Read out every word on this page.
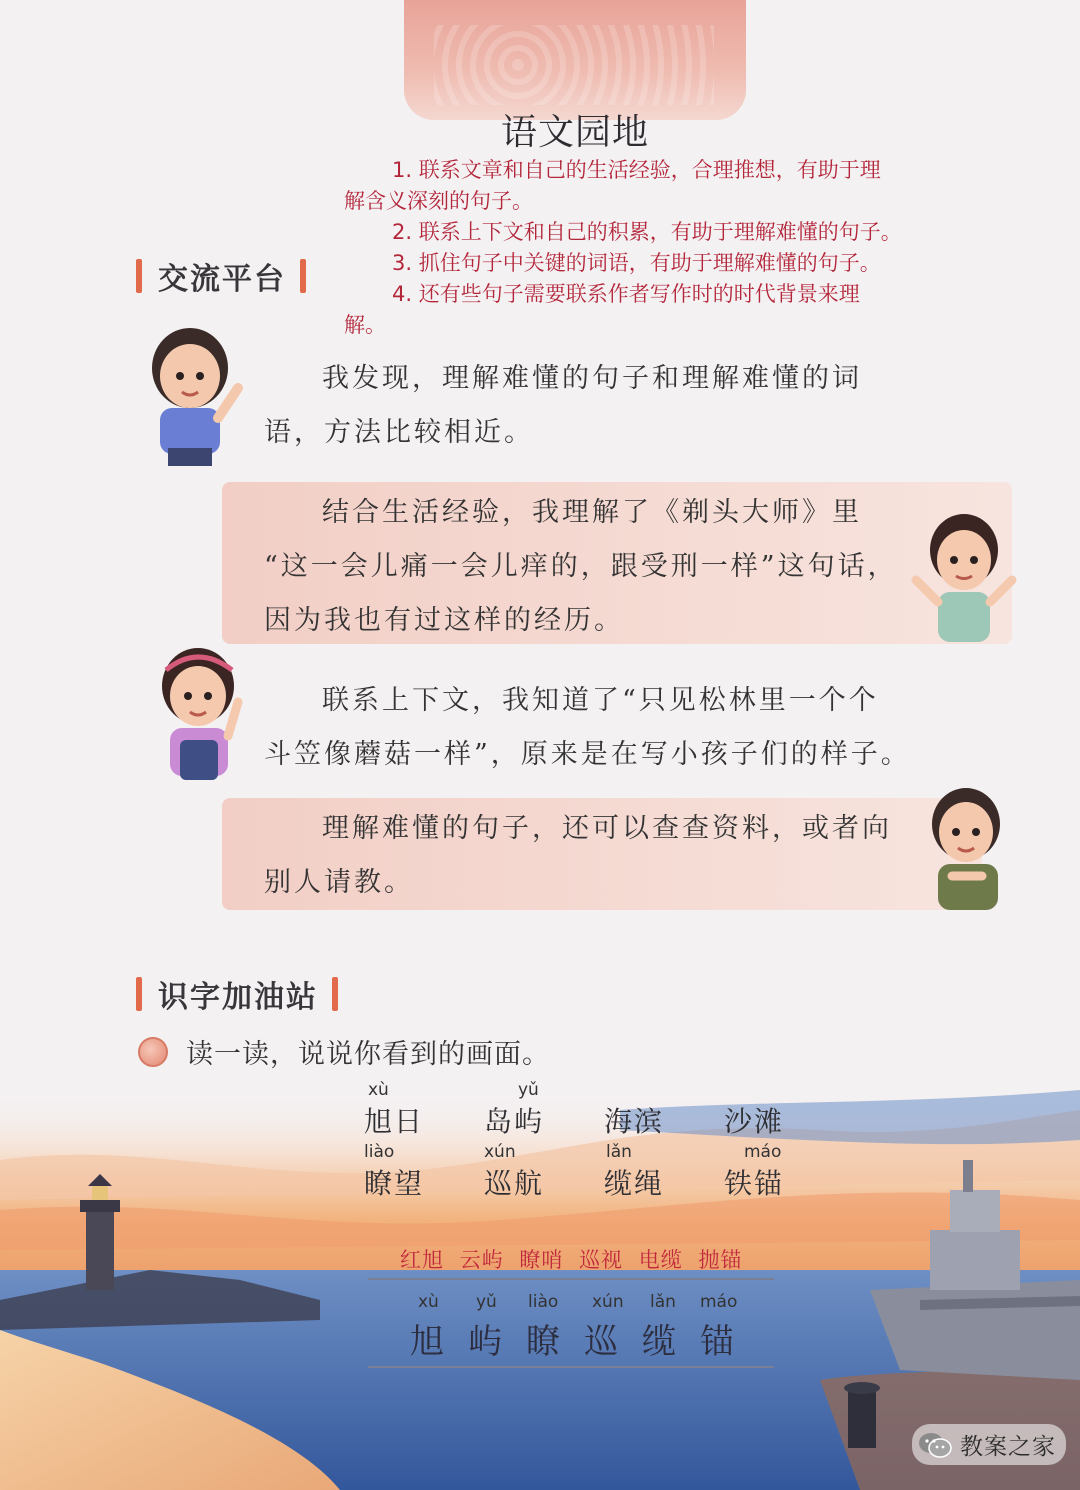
语文园地

1. 联系文章和自己的生活经验，合理推想，有助于理

解含义深刻的句子。

2. 联系上下文和自己的积累，有助于理解难懂的句子。

3. 抓住句子中关键的词语，有助于理解难懂的句子。

4. 还有些句子需要联系作者写作时的时代背景来理

解。

交流平台

我发现，理解难懂的句子和理解难懂的词

语，方法比较相近。

结合生活经验，我理解了《剃头大师》里

“这一会儿痛一会儿痒的，跟受刑一样”这句话，

因为我也有过这样的经历。

联系上下文，我知道了“只见松林里一个个

斗笠像蘑菇一样”，原来是在写小孩子们的样子。

理解难懂的句子，还可以查查资料，或者向

别人请教。

识字加油站
读一读，说说你看到的画面。
xù
旭日
yǔ
岛屿 海滨 沙滩
liào
瞭望
xún
巡航
lǎn
缆绳
máo
铁锚
红旭 云屿 瞭哨 巡视 电缆 抛锚
xù
旭
yǔ
屿
liào
瞭
xún
巡
lǎn
缆
máo
锚
教案之家
